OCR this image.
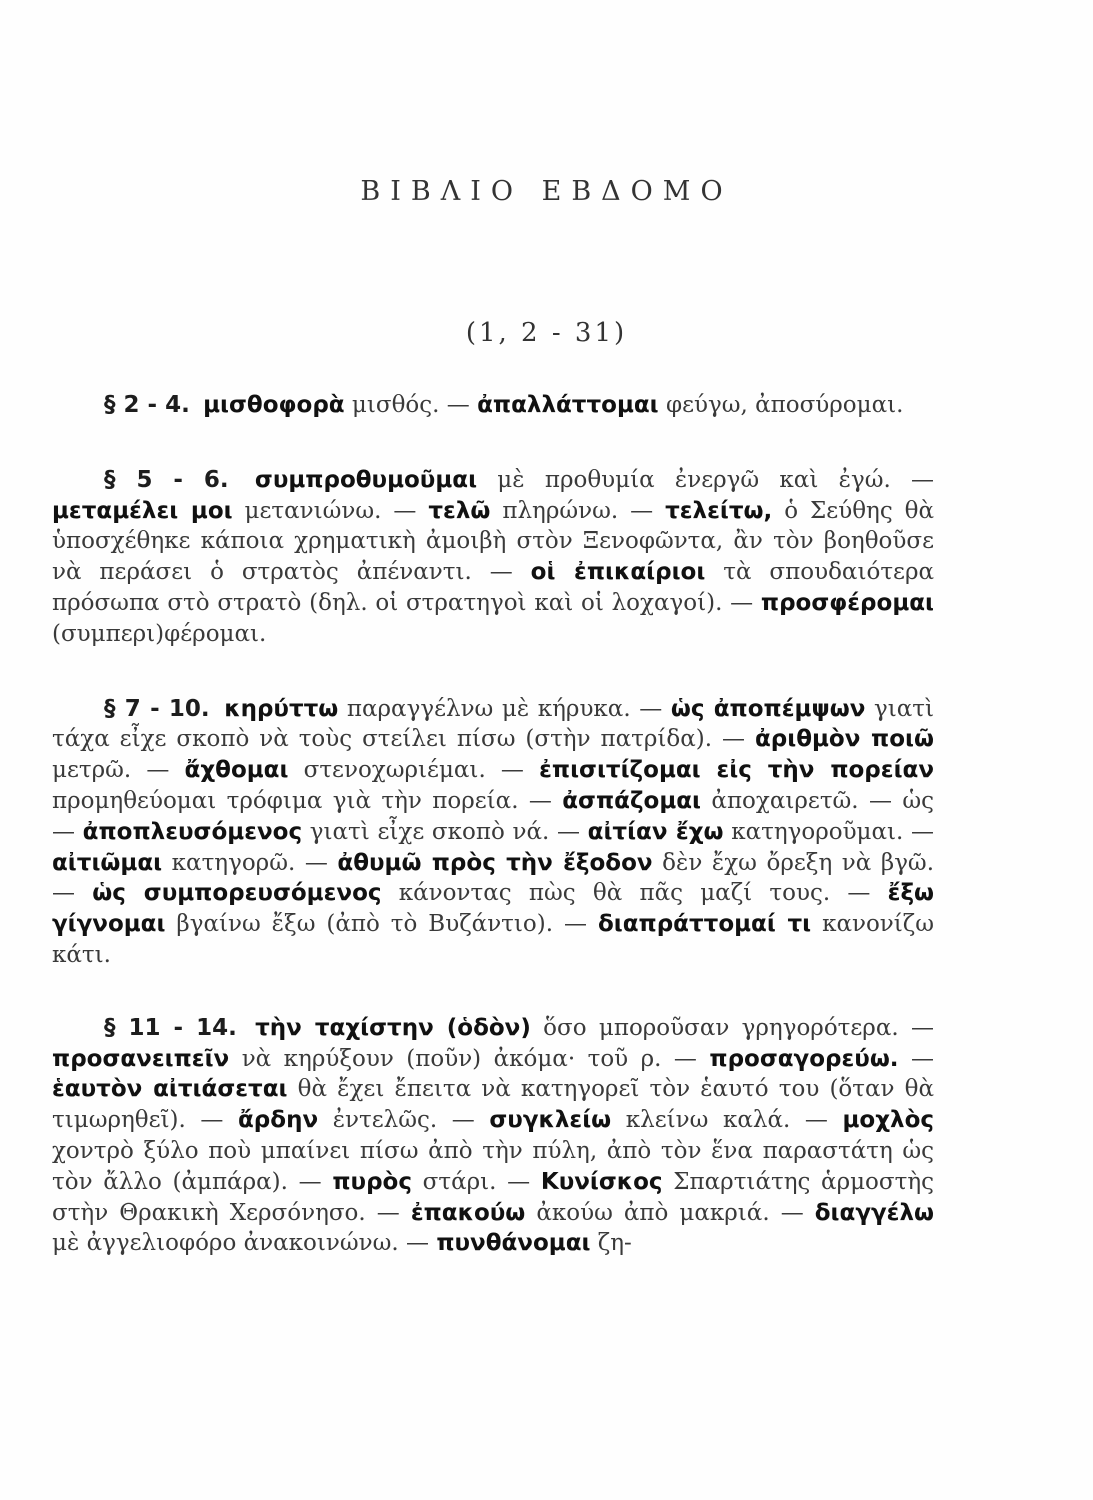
ΒΙΒΛΙΟ ΕΒΔΟΜΟ
(1, 2 - 31)

§ 2 - 4. μισθοφορὰ μισθός. — ἀπαλλάττομαι φεύγω, ἀποσύρομαι.

§ 5 - 6. συμπροθυμοῦμαι μὲ προθυμία ἐνεργῶ καὶ ἐγώ. — μεταμέλει μοι μετανιώνω. — τελῶ πληρώνω. — τελείτω, ὁ Σεύθης θὰ ὑποσχέθηκε κάποια χρηματικὴ ἀμοιβὴ στὸν Ξενοφῶντα, ἂν τὸν βοηθοῦσε νὰ περάσει ὁ στρατὸς ἀπέναντι. — οἱ ἐπικαίριοι τὰ σπουδαιότερα πρόσωπα στὸ στρατὸ (δηλ. οἱ στρατηγοὶ καὶ οἱ λοχαγοί). — προσφέρομαι (συμπερι)φέρομαι.

§ 7 - 10. κηρύττω παραγγέλνω μὲ κήρυκα. — ὡς ἀποπέμψων γιατὶ τάχα εἶχε σκοπὸ νὰ τοὺς στείλει πίσω (στὴν πατρίδα). — ἀριθμὸν ποιῶ μετρῶ. — ἄχθομαι στενοχωριέμαι. — ἐπισιτίζομαι εἰς τὴν πορείαν προμηθεύομαι τρόφιμα γιὰ τὴν πορεία. — ἀσπάζομαι ἀποχαιρετῶ. — ὡς — ἀποπλευσόμενος γιατὶ εἶχε σκοπὸ νά. — αἰτίαν ἔχω κατηγοροῦμαι. — αἰτιῶμαι κατηγορῶ. — ἀθυμῶ πρὸς τὴν ἔξοδον δὲν ἔχω ὄρεξη νὰ βγῶ. — ὡς συμπορευσόμενος κάνοντας πὼς θὰ πᾶς μαζί τους. — ἔξω γίγνομαι βγαίνω ἔξω (ἀπὸ τὸ Βυζάντιο). — διαπράττομαί τι κανονίζω κάτι.

§ 11 - 14. τὴν ταχίστην (ὁδὸν) ὅσο μποροῦσαν γρηγορότερα. — προσανειπεῖν νὰ κηρύξουν (ποῦν) ἀκόμα· τοῦ ρ. — προσαγορεύω. — ἑαυτὸν αἰτιάσεται θὰ ἔχει ἔπειτα νὰ κατηγορεῖ τὸν ἑαυτό του (ὅταν θὰ τιμωρηθεῖ). — ἄρδην ἐντελῶς. — συγκλείω κλείνω καλά. — μοχλὸς χοντρὸ ξύλο ποὺ μπαίνει πίσω ἀπὸ τὴν πύλη, ἀπὸ τὸν ἕνα παραστάτη ὡς τὸν ἄλλο (ἀμπάρα). — πυρὸς στάρι. — Κυνίσκος Σπαρτιάτης ἁρμοστὴς στὴν Θρακικὴ Χερσόνησο. — ἐπακούω ἀκούω ἀπὸ μακριά. — διαγγέλω μὲ ἀγγελιοφόρο ἀνακοινώνω. — πυνθάνομαι ζη-
